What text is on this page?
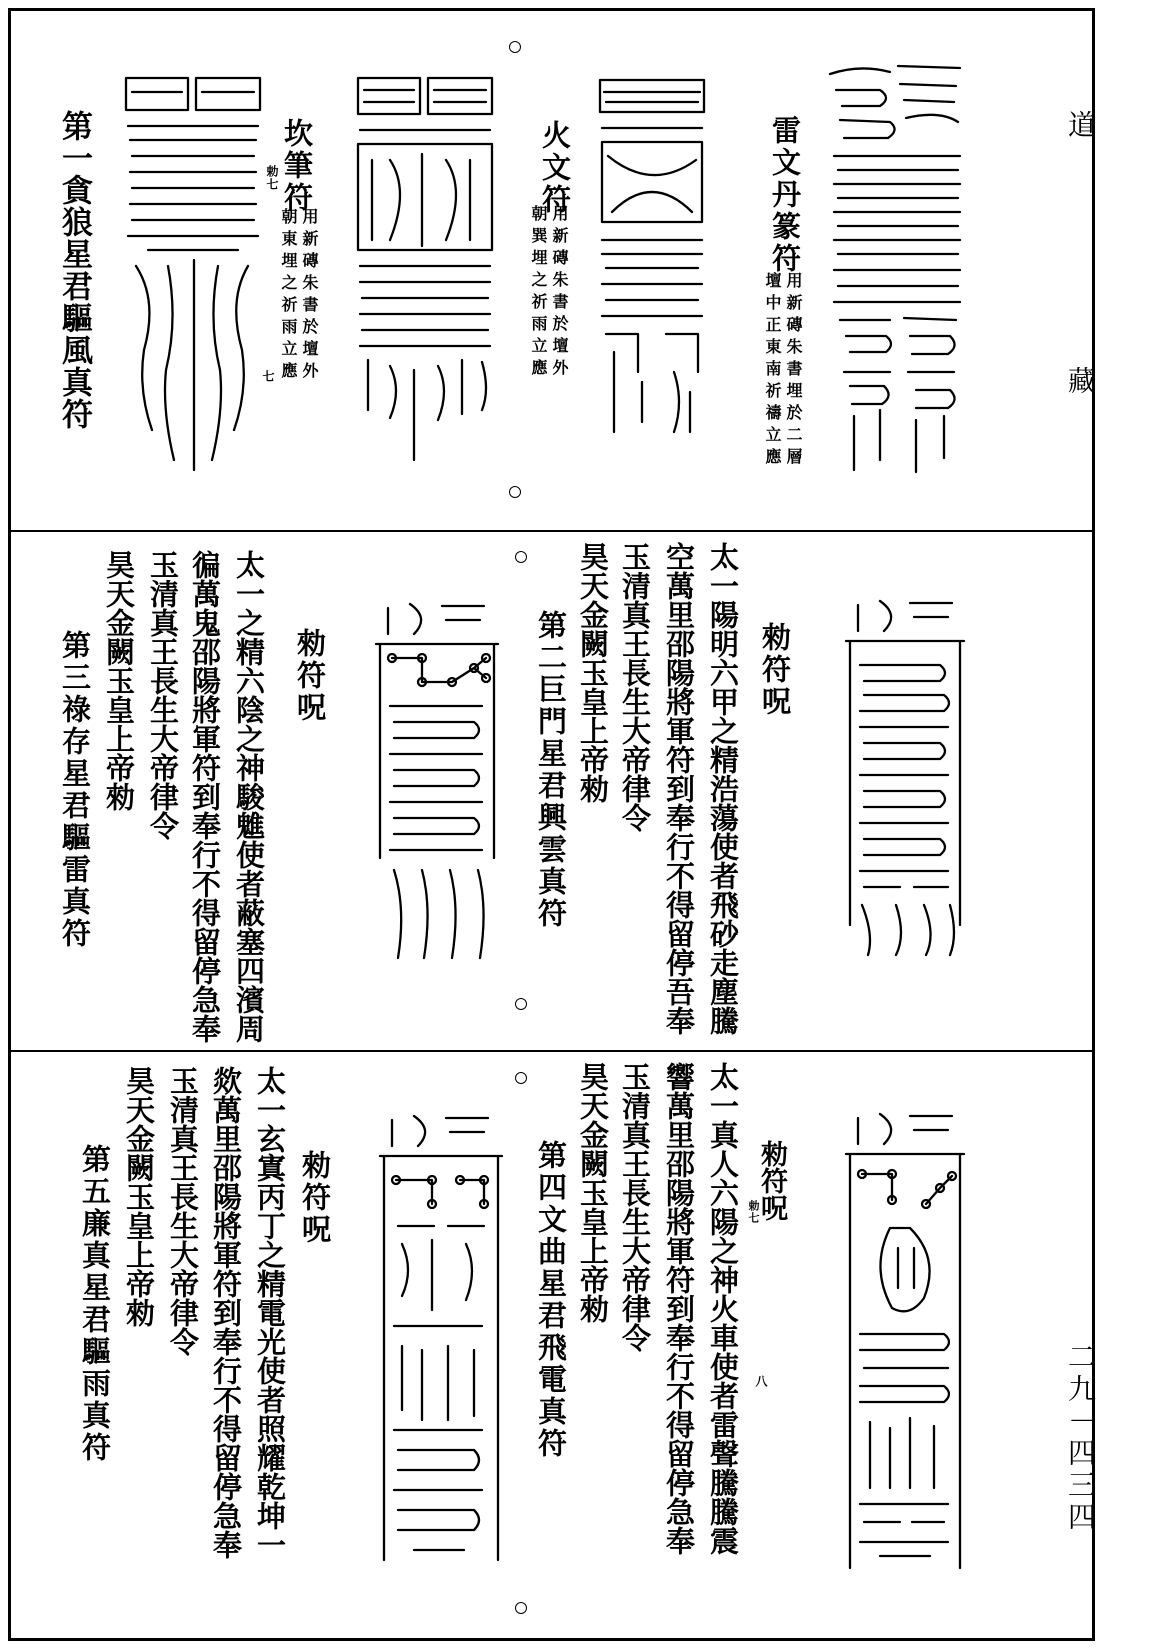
道　藏
二九－四三四
雷文丹篆符
用新磚朱書埋於二層
壇中正東南祈禱立應
火文符
用新磚朱書於壇外
朝巽埋之祈雨立應
坎筆符
用新磚朱書於壇外
朝東埋之祈雨立應
勅七
七
第一貪狼星君驅風真符
勑符呪
太一陽明六甲之精浩蕩使者飛砂走塵騰
空萬里邵陽將軍符到奉行不得留停吾奉
玉清真王長生大帝律令
昊天金闕玉皇上帝勑
第二巨門星君興雲真符
勑符呪
太一之精六陰之神駿魋使者蔽塞四濱周
徧萬鬼邵陽將軍符到奉行不得留停急奉
玉清真王長生大帝律令
昊天金闕玉皇上帝勑
第三祿存星君驅雷真符
勑符呪
勅七
八
太一真人六陽之神火車使者雷聲騰騰震
響萬里邵陽將軍符到奉行不得留停急奉
玉清真王長生大帝律令
昊天金闕玉皇上帝勑
第四文曲星君飛電真符
勑符呪
太一玄寘丙丁之精電光使者照耀乾坤一
欻萬里邵陽將軍符到奉行不得留停急奉
玉清真王長生大帝律令
昊天金闕玉皇上帝勑
第五廉真星君驅雨真符
